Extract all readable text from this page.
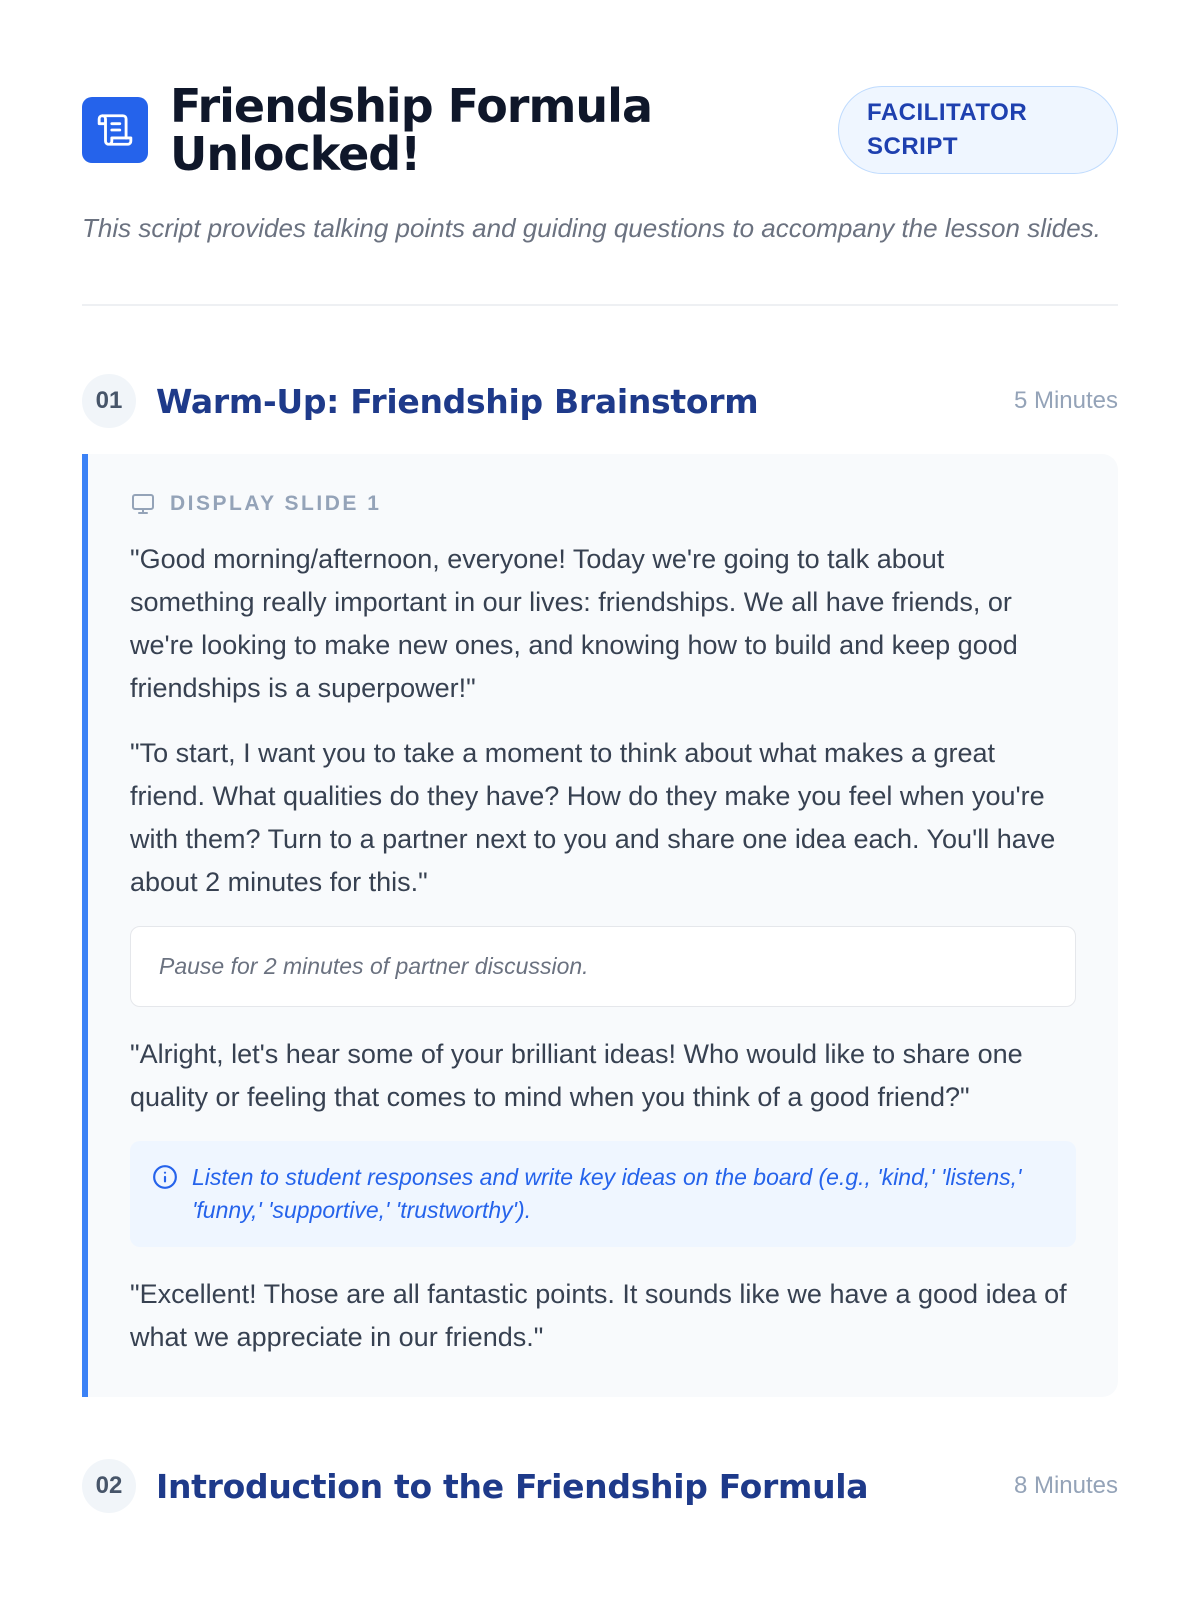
Friendship Formula Unlocked!
FACILITATOR SCRIPT

This script provides talking points and guiding questions to accompany the lesson slides.

01	Warm-Up: Friendship Brainstorm	5 Minutes
DISPLAY SLIDE 1

"Good morning/afternoon, everyone! Today we're going to talk about something really important in our lives: friendships. We all have friends, or we're looking to make new ones, and knowing how to build and keep good friendships is a superpower!"

"To start, I want you to take a moment to think about what makes a great friend. What qualities do they have? How do they make you feel when you're with them? Turn to a partner next to you and share one idea each. You'll have about 2 minutes for this."

Pause for 2 minutes of partner discussion.

"Alright, let's hear some of your brilliant ideas! Who would like to share one quality or feeling that comes to mind when you think of a good friend?"

Listen to student responses and write key ideas on the board (e.g., 'kind,' 'listens,' 'funny,' 'supportive,' 'trustworthy').

"Excellent! Those are all fantastic points. It sounds like we have a good idea of what we appreciate in our friends."

02	Introduction to the Friendship Formula	8 Minutes
